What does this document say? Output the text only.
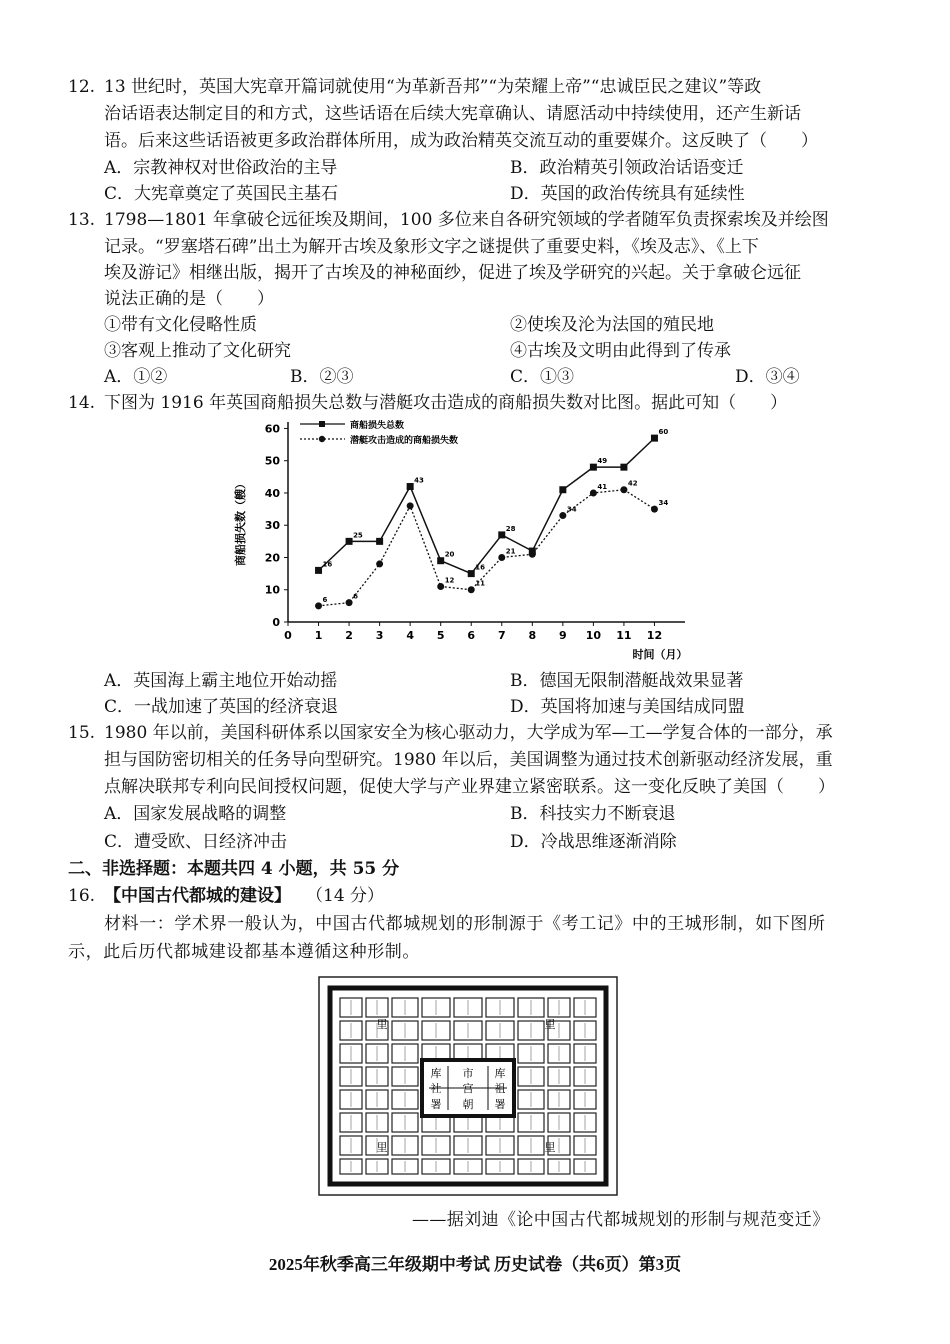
12. 13 世纪时，英国大宪章开篇词就使用“为革新吾邦”“为荣耀上帝”“忠诚臣民之建议”等政
治话语表达制定目的和方式，这些话语在后续大宪章确认、请愿活动中持续使用，还产生新话
语。后来这些话语被更多政治群体所用，成为政治精英交流互动的重要媒介。这反映了（　　）
A．宗教神权对世俗政治的主导	B．政治精英引领政治话语变迁
C．大宪章奠定了英国民主基石	D．英国的政治传统具有延续性
13. 1798—1801 年拿破仑远征埃及期间，100 多位来自各研究领域的学者随军负责探索埃及并绘图
记录。“罗塞塔石碑”出土为解开古埃及象形文字之谜提供了重要史料，《埃及志》、《上下
埃及游记》相继出版，揭开了古埃及的神秘面纱，促进了埃及学研究的兴起。关于拿破仑远征
说法正确的是（　　）
①带有文化侵略性质	②使埃及沦为法国的殖民地
③客观上推动了文化研究	④古埃及文明由此得到了传承
A．①②	B．②③	C．①③	D．③④
14. 下图为 1916 年英国商船损失总数与潜艇攻击造成的商船损失数对比图。据此可知（　　）
0
10
20
30
40
50
60
0 1 2 3 4 5 6 7 8 9 10 11 12
时间（月）
商船损失数（艘）
商船损失总数
潜艇攻击造成的商船损失数
16
25
43
20
16
28
49
60
6	6
12	11
21
34
41	42
34
A．英国海上霸主地位开始动摇	B．德国无限制潜艇战效果显著
C．一战加速了英国的经济衰退	D．英国将加速与美国结成同盟
15. 1980 年以前，美国科研体系以国家安全为核心驱动力，大学成为军—工—学复合体的一部分，承
担与国防密切相关的任务导向型研究。1980 年以后，美国调整为通过技术创新驱动经济发展，重
点解决联邦专利向民间授权问题，促使大学与产业界建立紧密联系。这一变化反映了美国（　　）
A．国家发展战略的调整	B．科技实力不断衰退
C．遭受欧、日经济冲击	D．冷战思维逐渐消除
二、非选择题：本题共四 4 小题，共 55 分
16. 【中国古代都城的建设】 （14 分）
材料一：学术界一般认为，中国古代都城规划的形制源于《考工记》中的王城形制，如下图所
示，此后历代都城建设都基本遵循这种形制。
库 市 库
社 宫 祖
署 朝 署
里	里
里	里
——据刘迪《论中国古代都城规划的形制与规范变迁》
2025年秋季高三年级期中考试 历史试卷（共6页）第3页
